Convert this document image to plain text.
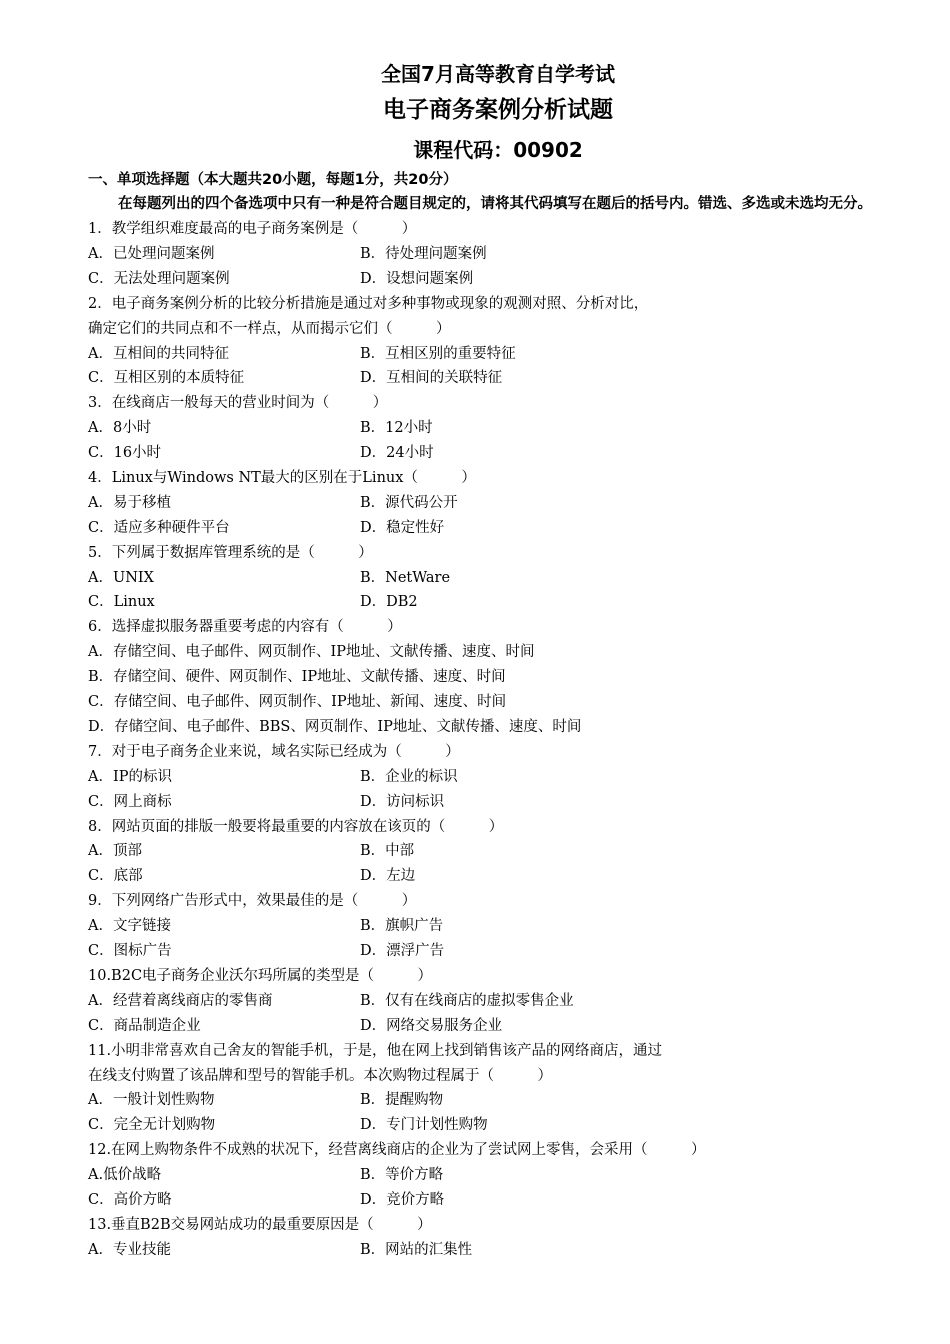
全国7月高等教育自学考试
电子商务案例分析试题
课程代码：00902
一、单项选择题（本大题共20小题，每题1分，共20分）
在每题列出的四个备选项中只有一种是符合题目规定的，请将其代码填写在题后的括号内。错选、多选或未选均无分。
1．教学组织难度最高的电子商务案例是（　　　）
A．已处理问题案例	B．待处理问题案例
C．无法处理问题案例	D．设想问题案例
2．电子商务案例分析的比较分析措施是通过对多种事物或现象的观测对照、分析对比，
确定它们的共同点和不一样点，从而揭示它们（　　　）
A．互相间的共同特征	B．互相区别的重要特征
C．互相区别的本质特征	D．互相间的关联特征
3．在线商店一般每天的营业时间为（　　　）
A．8小时	B．12小时
C．16小时	D．24小时
4．Linux与Windows NT最大的区别在于Linux（　　　）
A．易于移植	B．源代码公开
C．适应多种硬件平台	D．稳定性好
5．下列属于数据库管理系统的是（　　　）
A．UNIX	B．NetWare
C．Linux	D．DB2
6．选择虚拟服务器重要考虑的内容有（　　　）
A．存储空间、电子邮件、网页制作、IP地址、文献传播、速度、时间
B．存储空间、硬件、网页制作、IP地址、文献传播、速度、时间
C．存储空间、电子邮件、网页制作、IP地址、新闻、速度、时间
D．存储空间、电子邮件、BBS、网页制作、IP地址、文献传播、速度、时间
7．对于电子商务企业来说，域名实际已经成为（　　　）
A．IP的标识	B．企业的标识
C．网上商标	D．访问标识
8．网站页面的排版一般要将最重要的内容放在该页的（　　　）
A．顶部	B．中部
C．底部	D．左边
9．下列网络广告形式中，效果最佳的是（　　　）
A．文字链接	B．旗帜广告
C．图标广告	D．漂浮广告
10.B2C电子商务企业沃尔玛所属的类型是（　　　）
A．经营着离线商店的零售商	B．仅有在线商店的虚拟零售企业
C．商品制造企业	D．网络交易服务企业
11.小明非常喜欢自己舍友的智能手机，于是，他在网上找到销售该产品的网络商店，通过
在线支付购置了该品牌和型号的智能手机。本次购物过程属于（　　　）
A．一般计划性购物	B．提醒购物
C．完全无计划购物	D．专门计划性购物
12.在网上购物条件不成熟的状况下，经营离线商店的企业为了尝试网上零售，会采用（　　　）
A.低价战略	B．等价方略
C．高价方略	D．竞价方略
13.垂直B2B交易网站成功的最重要原因是（　　　）
A．专业技能	B．网站的汇集性
